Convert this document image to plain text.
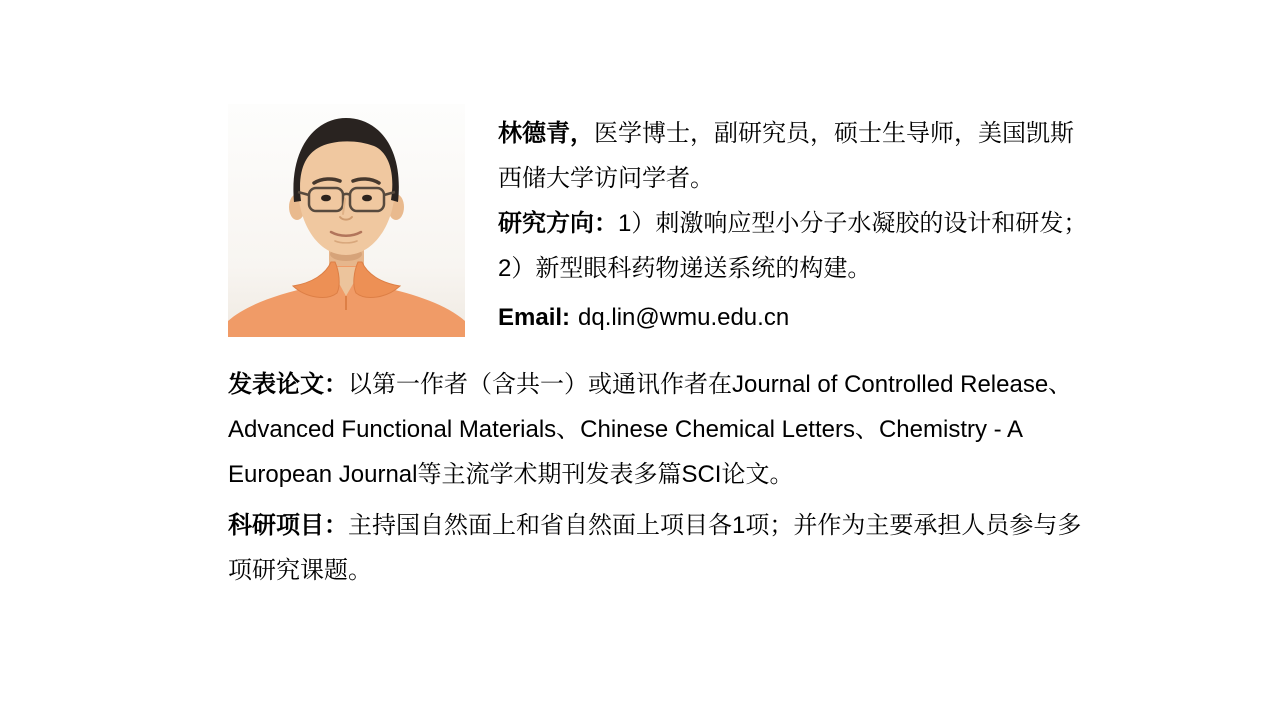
林德青，医学博士，副研究员，硕士生导师，美国凯斯
西储大学访问学者。
研究方向：1）刺激响应型小分子水凝胶的设计和研发；
2）新型眼科药物递送系统的构建。
Email: dq.lin@wmu.edu.cn
发表论文：以第一作者（含共一）或通讯作者在Journal of Controlled Release、
Advanced Functional Materials、Chinese Chemical Letters、Chemistry - A
European Journal等主流学术期刊发表多篇SCI论文。
科研项目：主持国自然面上和省自然面上项目各1项；并作为主要承担人员参与多
项研究课题。
